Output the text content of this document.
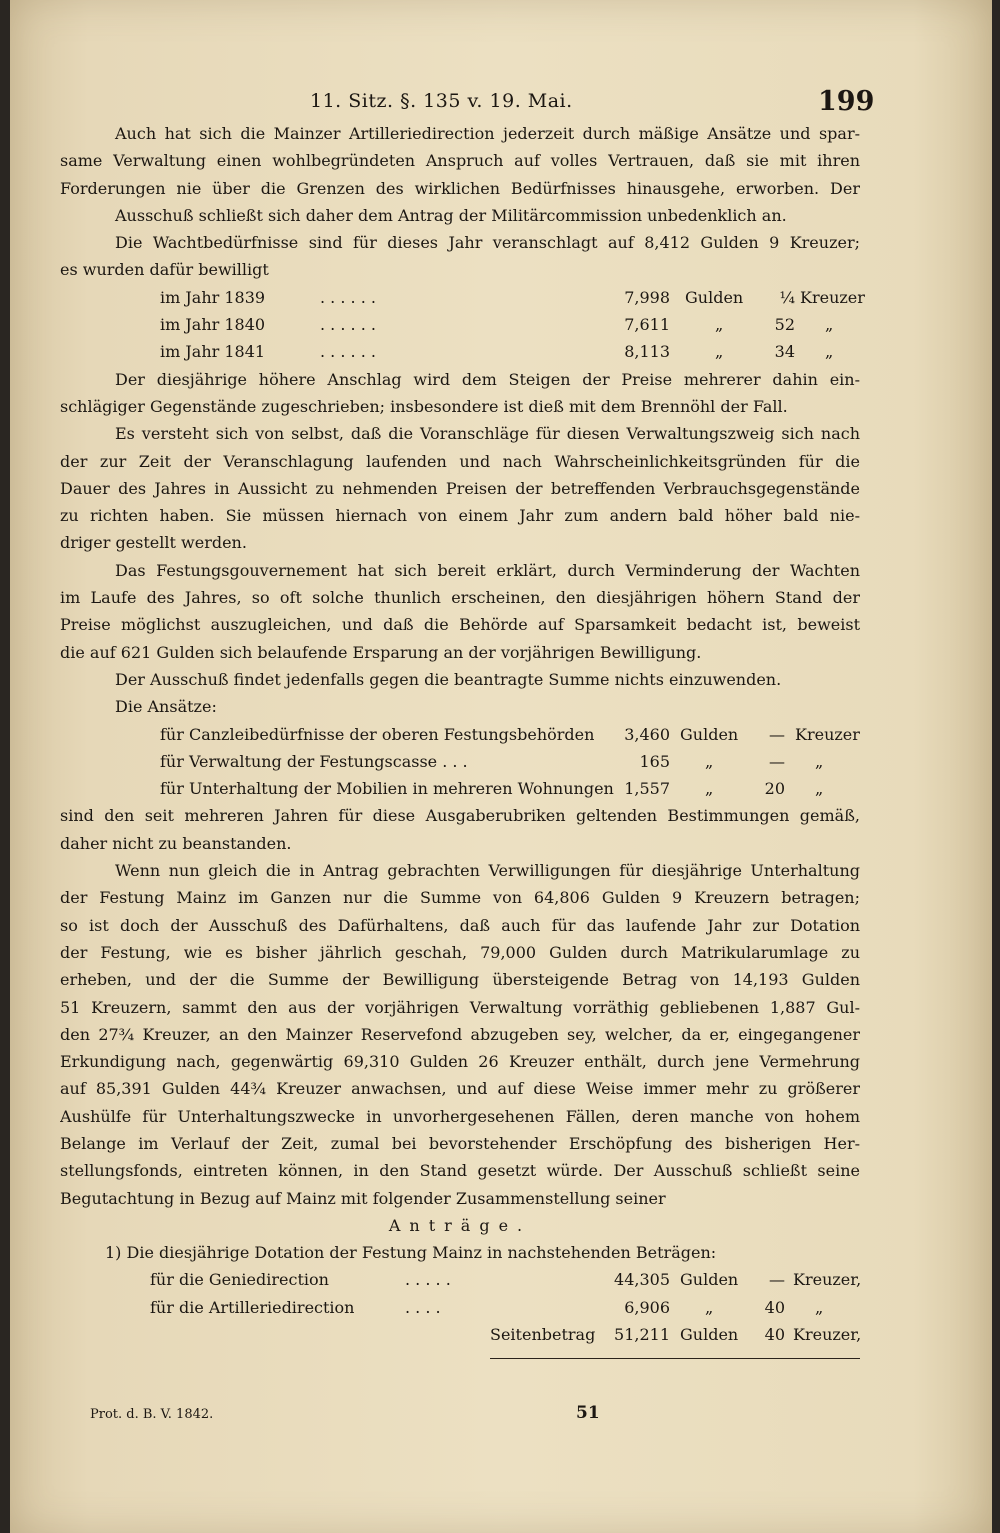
11. Sitz. §. 135 v. 19. Mai.	199
Auch hat sich die Mainzer Artilleriedirection jederzeit durch mäßige Ansätze und spar-
same Verwaltung einen wohlbegründeten Anspruch auf volles Vertrauen, daß sie mit ihren
Forderungen nie über die Grenzen des wirklichen Bedürfnisses hinausgehe, erworben. Der
Ausschuß schließt sich daher dem Antrag der Militärcommission unbedenklich an.
Die Wachtbedürfnisse sind für dieses Jahr veranschlagt auf 8,412 Gulden 9 Kreuzer;
es wurden dafür bewilligt
im Jahr 1839	. . . . . .	7,998 Gulden	¼ Kreuzer
im Jahr 1840	. . . . . .	7,611	„	52 „
im Jahr 1841	. . . . . .	8,113	„	34 „
Der diesjährige höhere Anschlag wird dem Steigen der Preise mehrerer dahin ein-
schlägiger Gegenstände zugeschrieben; insbesondere ist dieß mit dem Brennöhl der Fall.
Es versteht sich von selbst, daß die Voranschläge für diesen Verwaltungszweig sich nach
der zur Zeit der Veranschlagung laufenden und nach Wahrscheinlichkeitsgründen für die
Dauer des Jahres in Aussicht zu nehmenden Preisen der betreffenden Verbrauchsgegenstände
zu richten haben. Sie müssen hiernach von einem Jahr zum andern bald höher bald nie-
driger gestellt werden.
Das Festungsgouvernement hat sich bereit erklärt, durch Verminderung der Wachten
im Laufe des Jahres, so oft solche thunlich erscheinen, den diesjährigen höhern Stand der
Preise möglichst auszugleichen, und daß die Behörde auf Sparsamkeit bedacht ist, beweist
die auf 621 Gulden sich belaufende Ersparung an der vorjährigen Bewilligung.
Der Ausschuß findet jedenfalls gegen die beantragte Summe nichts einzuwenden.
Die Ansätze:
für Canzleibedürfnisse der oberen Festungsbehörden	3,460 Gulden	— Kreuzer
für Verwaltung der Festungscasse . . .	165 „	— „
für Unterhaltung der Mobilien in mehreren Wohnungen 1,557 „	20 „
sind den seit mehreren Jahren für diese Ausgaberubriken geltenden Bestimmungen gemäß,
daher nicht zu beanstanden.
Wenn nun gleich die in Antrag gebrachten Verwilligungen für diesjährige Unterhaltung
der Festung Mainz im Ganzen nur die Summe von 64,806 Gulden 9 Kreuzern betragen;
so ist doch der Ausschuß des Dafürhaltens, daß auch für das laufende Jahr zur Dotation
der Festung, wie es bisher jährlich geschah, 79,000 Gulden durch Matrikularumlage zu
erheben, und der die Summe der Bewilligung übersteigende Betrag von 14,193 Gulden
51 Kreuzern, sammt den aus der vorjährigen Verwaltung vorräthig gebliebenen 1,887 Gul-
den 27¾ Kreuzer, an den Mainzer Reservefond abzugeben sey, welcher, da er, eingegangener
Erkundigung nach, gegenwärtig 69,310 Gulden 26 Kreuzer enthält, durch jene Vermehrung
auf 85,391 Gulden 44¾ Kreuzer anwachsen, und auf diese Weise immer mehr zu größerer
Aushülfe für Unterhaltungszwecke in unvorhergesehenen Fällen, deren manche von hohem
Belange im Verlauf der Zeit, zumal bei bevorstehender Erschöpfung des bisherigen Her-
stellungsfonds, eintreten können, in den Stand gesetzt würde. Der Ausschuß schließt seine
Begutachtung in Bezug auf Mainz mit folgender Zusammenstellung seiner
Anträge.
1) Die diesjährige Dotation der Festung Mainz in nachstehenden Beträgen:
für die Geniedirection	. . . . .	44,305 Gulden	— Kreuzer,
für die Artilleriedirection	. . . .	6,906 „	40 „
Seitenbetrag	51,211 Gulden	40 Kreuzer,
Prot. d. B. V. 1842.	51
